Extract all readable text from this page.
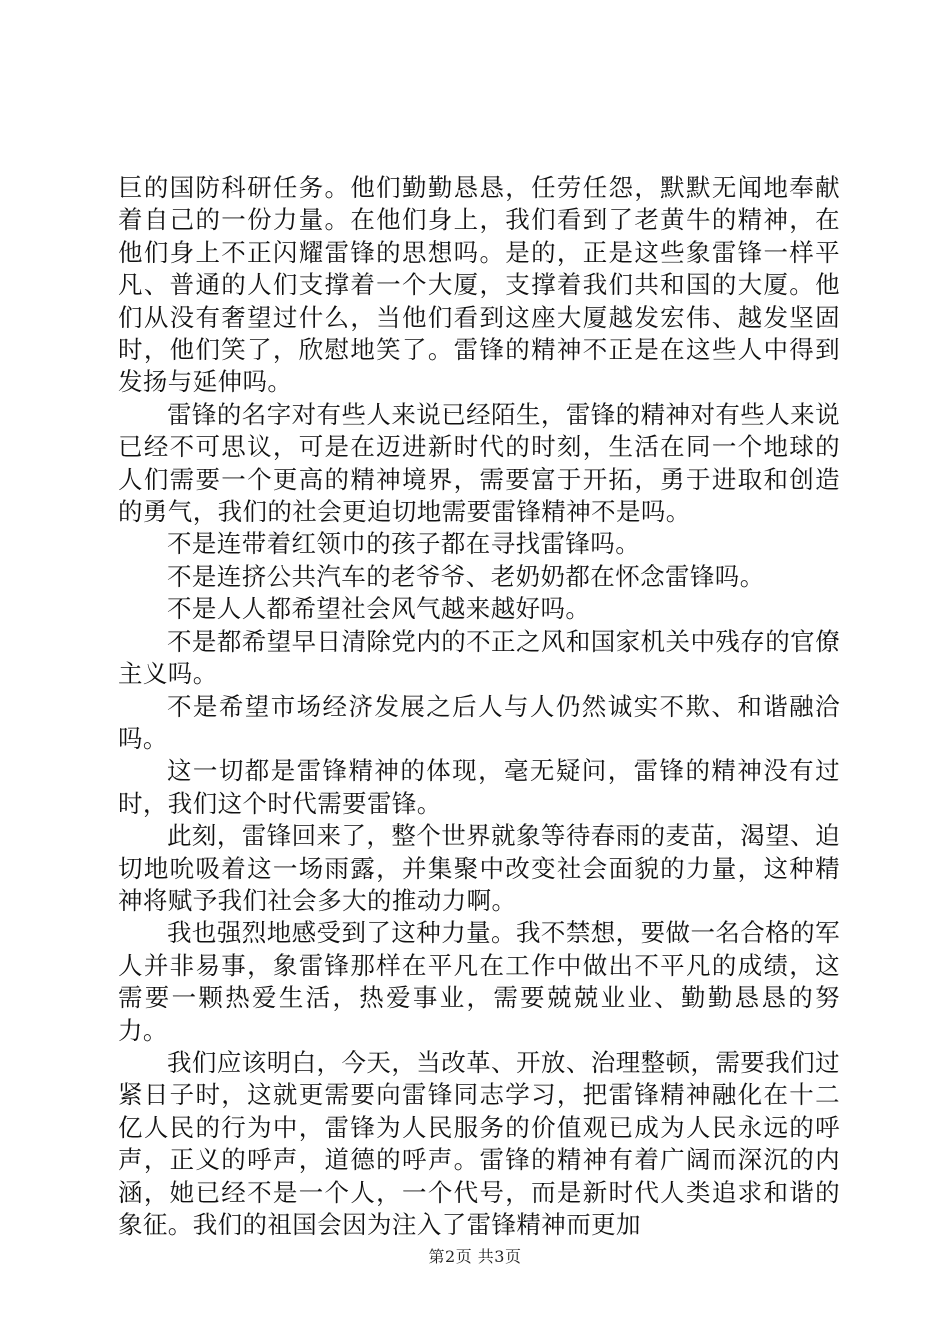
巨的国防科研任务。他们勤勤恳恳，任劳任怨，默默无闻地奉献着自己的一份力量。在他们身上，我们看到了老黄牛的精神，在他们身上不正闪耀雷锋的思想吗。是的，正是这些象雷锋一样平凡、普通的人们支撑着一个大厦，支撑着我们共和国的大厦。他们从没有奢望过什么，当他们看到这座大厦越发宏伟、越发坚固时，他们笑了，欣慰地笑了。雷锋的精神不正是在这些人中得到发扬与延伸吗。

雷锋的名字对有些人来说已经陌生，雷锋的精神对有些人来说已经不可思议，可是在迈进新时代的时刻，生活在同一个地球的人们需要一个更高的精神境界，需要富于开拓，勇于进取和创造的勇气，我们的社会更迫切地需要雷锋精神不是吗。

不是连带着红领巾的孩子都在寻找雷锋吗。

不是连挤公共汽车的老爷爷、老奶奶都在怀念雷锋吗。

不是人人都希望社会风气越来越好吗。

不是都希望早日清除党内的不正之风和国家机关中残存的官僚主义吗。

不是希望市场经济发展之后人与人仍然诚实不欺、和谐融洽吗。

这一切都是雷锋精神的体现，毫无疑问，雷锋的精神没有过时，我们这个时代需要雷锋。

此刻，雷锋回来了，整个世界就象等待春雨的麦苗，渴望、迫切地吮吸着这一场雨露，并集聚中改变社会面貌的力量，这种精神将赋予我们社会多大的推动力啊。

我也强烈地感受到了这种力量。我不禁想，要做一名合格的军人并非易事，象雷锋那样在平凡在工作中做出不平凡的成绩，这需要一颗热爱生活，热爱事业，需要兢兢业业、勤勤恳恳的努力。

我们应该明白，今天，当改革、开放、治理整顿，需要我们过紧日子时，这就更需要向雷锋同志学习，把雷锋精神融化在十二亿人民的行为中，雷锋为人民服务的价值观已成为人民永远的呼声，正义的呼声，道德的呼声。雷锋的精神有着广阔而深沉的内涵，她已经不是一个人，一个代号，而是新时代人类追求和谐的象征。我们的祖国会因为注入了雷锋精神而更加

第2页 共3页
